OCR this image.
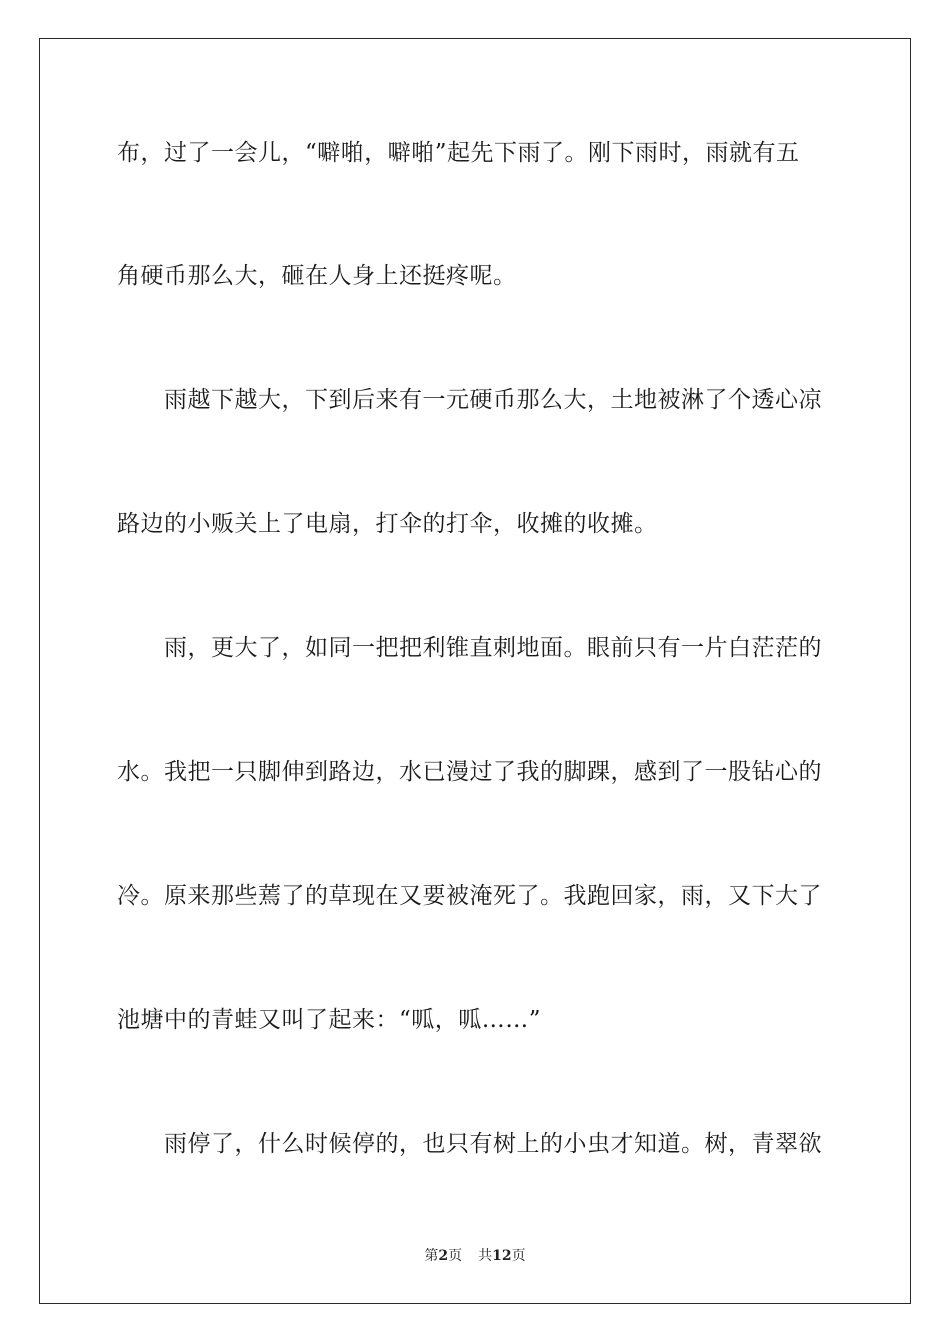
布，过了一会儿，“噼啪，噼啪”起先下雨了。刚下雨时，雨就有五
角硬币那么大，砸在人身上还挺疼呢。
雨越下越大，下到后来有一元硬币那么大，土地被淋了个透心凉
路边的小贩关上了电扇，打伞的打伞，收摊的收摊。
雨，更大了，如同一把把利锥直刺地面。眼前只有一片白茫茫的
水。我把一只脚伸到路边，水已漫过了我的脚踝，感到了一股钻心的
冷。原来那些蔫了的草现在又要被淹死了。我跑回家，雨，又下大了
池塘中的青蛙又叫了起来：“呱，呱……”
雨停了，什么时候停的，也只有树上的小虫才知道。树，青翠欲
第2页 共12页
